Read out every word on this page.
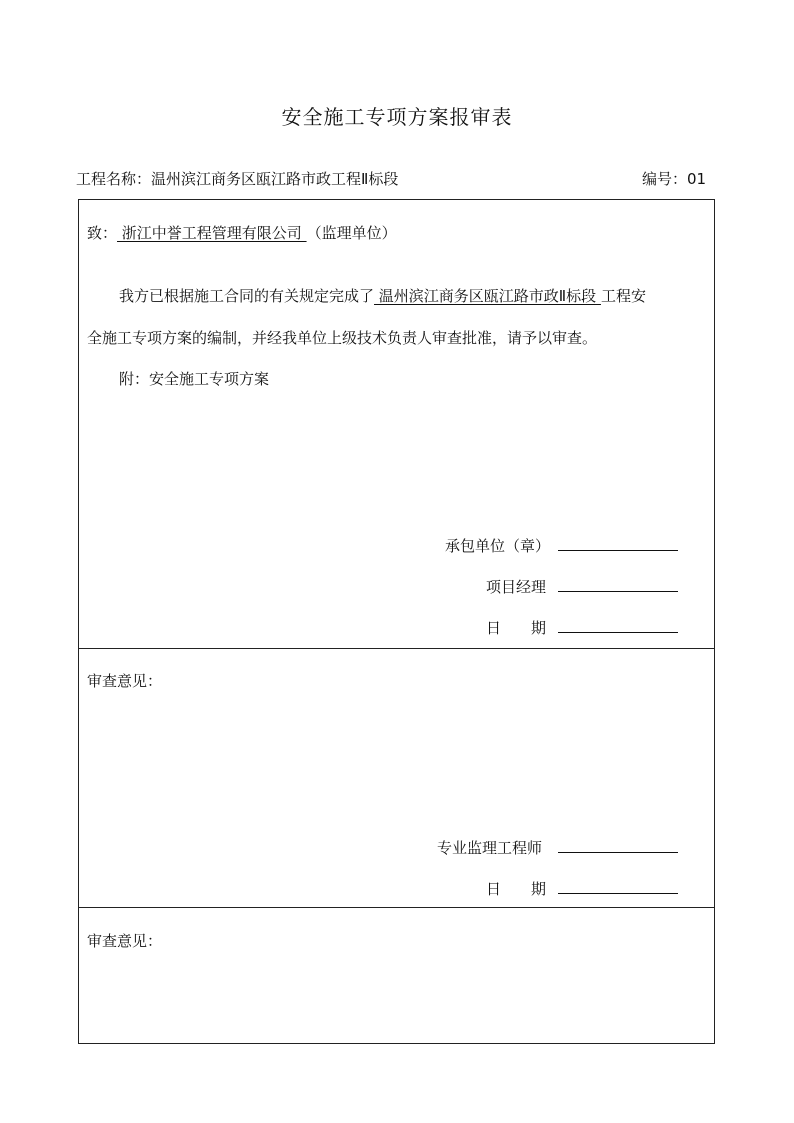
安全施工专项方案报审表
工程名称：温州滨江商务区瓯江路市政工程Ⅱ标段	编号：01
致： 浙江中誉工程管理有限公司 （监理单位）
我方已根据施工合同的有关规定完成了 温州滨江商务区瓯江路市政Ⅱ标段 工程安
全施工专项方案的编制，并经我单位上级技术负责人审查批准，请予以审查。
附：安全施工专项方案
承包单位（章）
项目经理
日　　期
审查意见：
专业监理工程师
日　　期
审查意见：
